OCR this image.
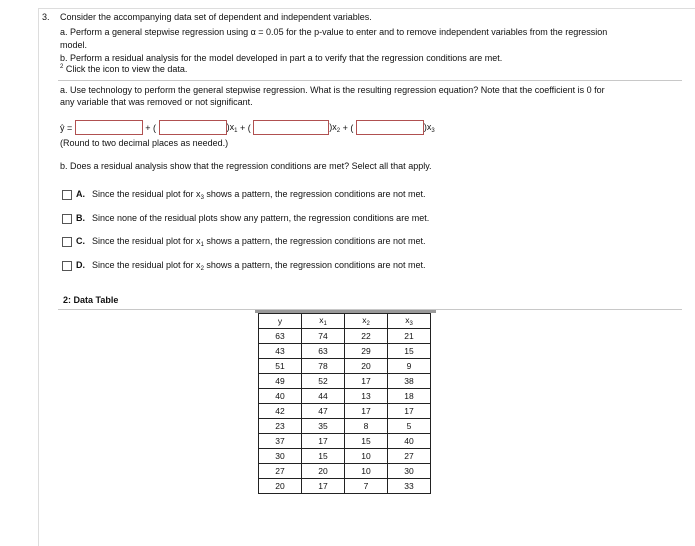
3. Consider the accompanying data set of dependent and independent variables.
a. Perform a general stepwise regression using α = 0.05 for the p-value to enter and to remove independent variables from the regression
model.
b. Perform a residual analysis for the model developed in part a to verify that the regression conditions are met.
$^2$ Click the icon to view the data.
a. Use technology to perform the general stepwise regression. What is the resulting regression equation? Note that the coefficient is 0 for
any variable that was removed or not significant.
ŷ =	+ (	)$x_1$ + (	)$x_2$ + (	)$x_3$
(Round to two decimal places as needed.)
b. Does a residual analysis show that the regression conditions are met? Select all that apply.
A. Since the residual plot for $x_3$ shows a pattern, the regression conditions are not met.
B. Since none of the residual plots show any pattern, the regression conditions are met.
C. Since the residual plot for $x_1$ shows a pattern, the regression conditions are not met.
D. Since the residual plot for $x_2$ shows a pattern, the regression conditions are not met.
2: Data Table
y	$x_1$	$x_2$	$x_3$
63	74	22	21
43	63	29	15
51	78	20	9
49	52	17	38
40	44	13	18
42	47	17	17
23	35	8	5
37	17	15	40
30	15	10	27
27	20	10	30
20	17	7	33
